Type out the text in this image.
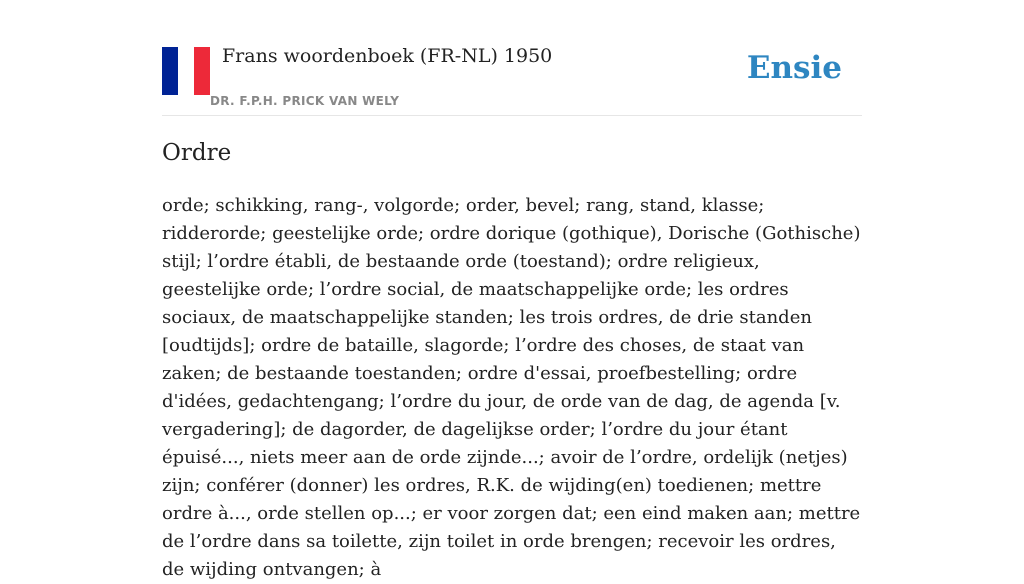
Frans woordenboek (FR-NL) 1950
DR. F.P.H. PRICK VAN WELY
Ensie
Ordre

orde; schikking, rang-, volgorde; order, bevel; rang, stand, klasse; ridderorde; geestelijke orde; ordre dorique (gothique), Dorische (Gothische) stijl; l’ordre établi, de bestaande orde (toestand); ordre religieux, geestelijke orde; l’ordre social, de maatschappelijke orde; les ordres sociaux, de maatschappelijke standen; les trois ordres, de drie standen [oudtijds]; ordre de bataille, slagorde; l’ordre des choses, de staat van zaken; de bestaande toestanden; ordre d'essai, proefbestelling; ordre d'idées, gedachtengang; l’ordre du jour, de orde van de dag, de agenda [v. vergadering]; de dagorder, de dagelijkse order; l’ordre du jour étant épuisé..., niets meer aan de orde zijnde...; avoir de l’ordre, ordelijk (netjes) zijn; conférer (donner) les ordres, R.K. de wijding(en) toedienen; mettre ordre à..., orde stellen op...; er voor zorgen dat; een eind maken aan; mettre de l’ordre dans sa toilette, zijn toilet in orde brengen; recevoir les ordres, de wijding ontvangen; à
